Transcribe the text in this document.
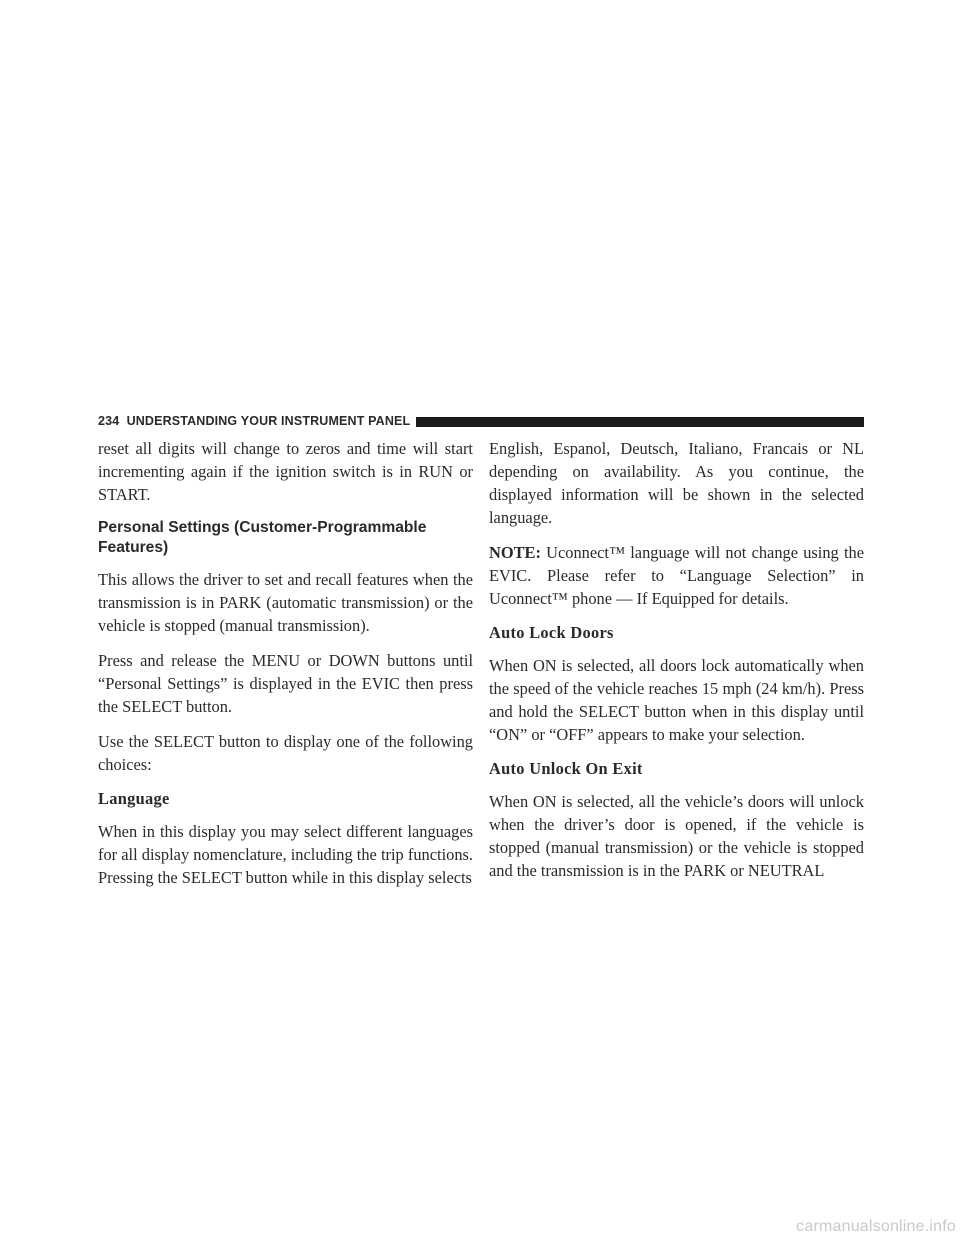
234 UNDERSTANDING YOUR INSTRUMENT PANEL

reset all digits will change to zeros and time will start incrementing again if the ignition switch is in RUN or START.

Personal Settings (Customer-Programmable Features)

This allows the driver to set and recall features when the transmission is in PARK (automatic transmission) or the vehicle is stopped (manual transmission).

Press and release the MENU or DOWN buttons until “Personal Settings” is displayed in the EVIC then press the SELECT button.

Use the SELECT button to display one of the following choices:

Language

When in this display you may select different languages for all display nomenclature, including the trip functions. Pressing the SELECT button while in this display selects

English, Espanol, Deutsch, Italiano, Francais or NL depending on availability. As you continue, the displayed information will be shown in the selected language.

NOTE: Uconnect™ language will not change using the EVIC. Please refer to “Language Selection” in Uconnect™ phone — If Equipped for details.

Auto Lock Doors

When ON is selected, all doors lock automatically when the speed of the vehicle reaches 15 mph (24 km/h). Press and hold the SELECT button when in this display until “ON” or “OFF” appears to make your selection.

Auto Unlock On Exit

When ON is selected, all the vehicle’s doors will unlock when the driver’s door is opened, if the vehicle is stopped (manual transmission) or the vehicle is stopped and the transmission is in the PARK or NEUTRAL

carmanualsonline.info
